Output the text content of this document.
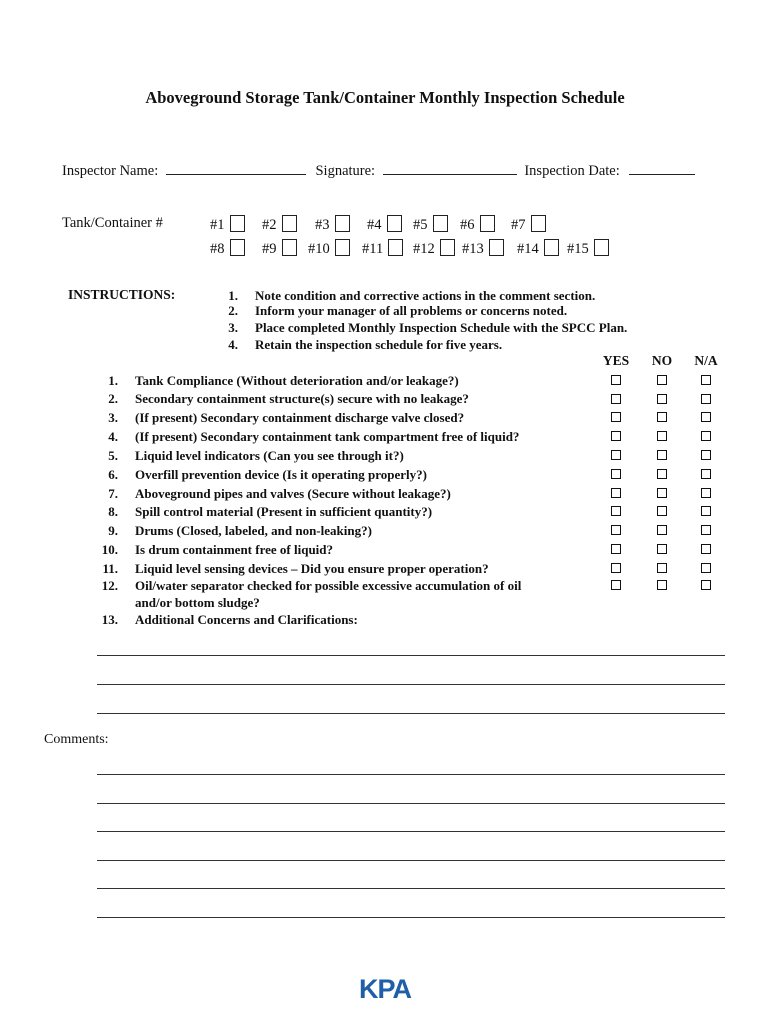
Aboveground Storage Tank/Container Monthly Inspection Schedule
Inspector Name:	Signature:	Inspection Date:
Tank/Container #	#1	#2	#3	#4	#5	#6	#7
#8	#9	#10	#11	#12	#13	#14	#15
INSTRUCTIONS:	1. Note condition and corrective actions in the comment section.
2. Inform your manager of all problems or concerns noted.
3. Place completed Monthly Inspection Schedule with the SPCC Plan.
4. Retain the inspection schedule for five years.
YES	NO	N/A
1. Tank Compliance (Without deterioration and/or leakage?)
2. Secondary containment structure(s) secure with no leakage?
3. (If present) Secondary containment discharge valve closed?
4. (If present) Secondary containment tank compartment free of liquid?
5. Liquid level indicators (Can you see through it?)
6. Overfill prevention device (Is it operating properly?)
7. Aboveground pipes and valves (Secure without leakage?)
8. Spill control material (Present in sufficient quantity?)
9. Drums (Closed, labeled, and non-leaking?)
10. Is drum containment free of liquid?
11. Liquid level sensing devices – Did you ensure proper operation?
12. Oil/water separator checked for possible excessive accumulation of oil
and/or bottom sludge?
13. Additional Concerns and Clarifications:
Comments:
KPA
